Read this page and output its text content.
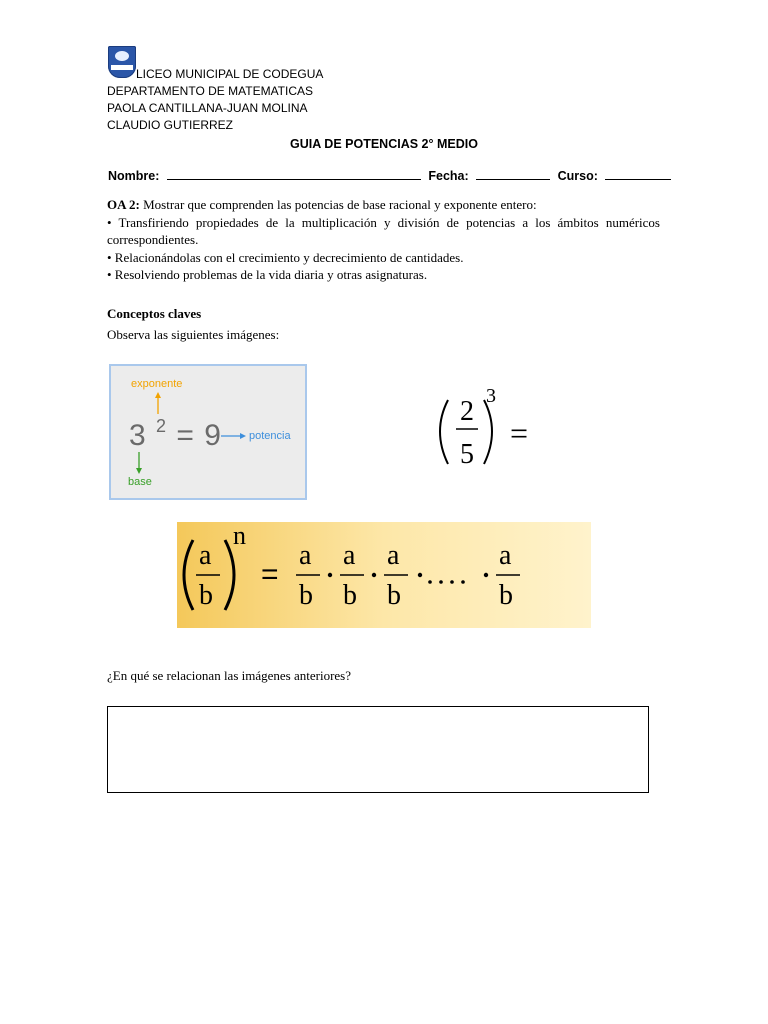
LICEO MUNICIPAL DE CODEGUA
DEPARTAMENTO DE MATEMATICAS
PAOLA CANTILLANA-JUAN MOLINA
CLAUDIO GUTIERREZ
GUIA DE POTENCIAS 2° MEDIO
Nombre:	Fecha:	Curso:

OA 2: Mostrar que comprenden las potencias de base racional y exponente entero:

• Transfiriendo propiedades de la multiplicación y división de potencias a los ámbitos numéricos correspondientes.

• Relacionándolas con el crecimiento y decrecimiento de cantidades.

• Resolviendo problemas de la vida diaria y otras asignaturas.

Conceptos claves
Observa las siguientes imágenes:
exponente
3 $^2$ = 9 potencia
base
2
5
3
=
a
b
n
=
a
b
a
b
a
b
a
b
¿En qué se relacionan las imágenes anteriores?
